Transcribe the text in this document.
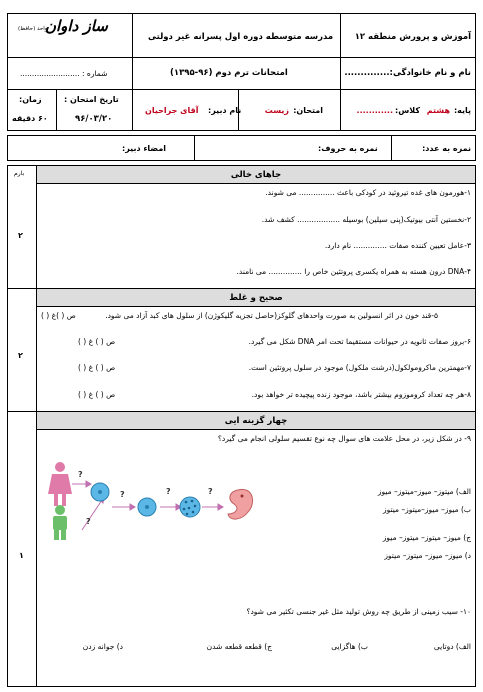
آموزش و پرورش منطقه ۱۲
مدرسه متوسطه دوره اول پسرانه غیر دولتی
ساز داوان
واحد (حافظ)
نام و نام خانوادگی:..............
امتحانات ترم دوم (۹۶-۱۳۹۵)
شماره : .........................
پایه:
هشتم
کلاس:
............
امتحان:
زیست
نام دبیر:
آقای جراحیان
تاریخ امتحان :
۹۶/۰۳/۲۰
زمان:
۶۰ دقیقه
نمره به عدد:
نمره به حروف:
امضاء دبیر:
بارم	جاهای خالی
۱-هورمون های غده تیروئید در کودکی باعث ............... می شوند.
۲-نخستین آنتی بیوتیک(پنی سیلین) بوسیله .................. کشف شد.
۳-عامل تعیین کننده صفات .............. نام دارد.
۴-DNA درون هسته به همراه یکسری پروتئین خاص را .............. می نامند.
۲
صحیح و غلط
۵-قند خون در اثر انسولین به صورت واحدهای گلوکز(حاصل تجزیه گلیکوژن) از سلول های کبد آزاد می شود.
ص ( )غ ( )
۶-بروز صفات ثانویه در حیوانات مستقیما تحت امر DNA شکل می گیرد.
ص ( ) غ ( )
۷-مهمترین ماکرومولکول(درشت ملکول) موجود در سلول پروتئین است.
ص ( ) غ ( )
۸-هر چه تعداد کروموزوم بیشتر باشد، موجود زنده پیچیده تر خواهد بود.
ص ( ) غ ( )
۲
چهار گزینه ایی
۹- در شکل زیر، در محل علامت های سوال چه نوع تقسیم سلولی انجام می گیرد؟
?
?
?	?	?	الف) میتوز– میوز–میتوز– میوز
ب) میوز– میوز–میتوز– میتوز
ج) میوز– میتوز– میتوز– میوز
د) میوز– میوز– میتوز– میتوز
۱۰- سیب زمینی از طریق چه روش تولید مثل غیر جنسی تکثیر می شود؟
الف) دوتایی
ب) هاگزایی
ج) قطعه قطعه شدن
د) جوانه زدن
۱
